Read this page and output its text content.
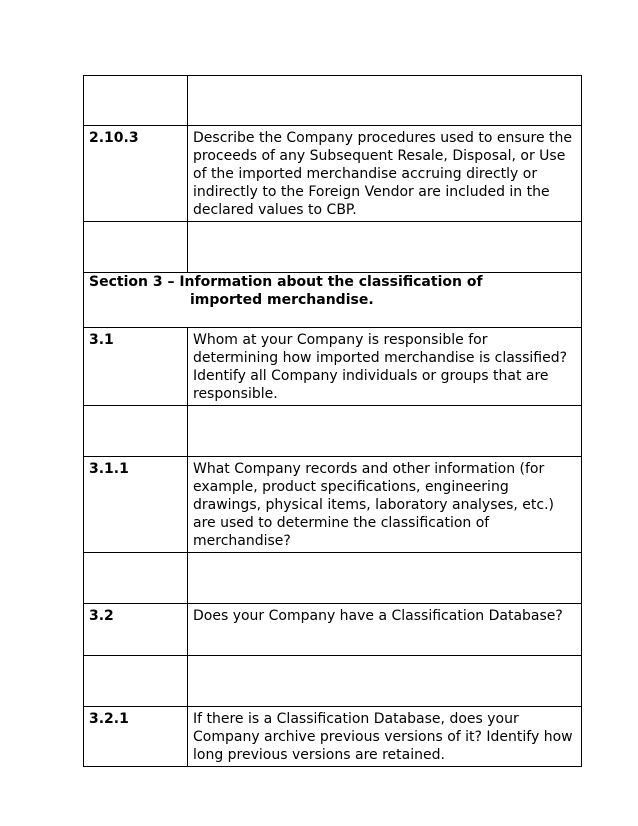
2.10.3	Describe the Company procedures used to ensure the proceeds of any Subsequent Resale, Disposal, or Use of the imported merchandise accruing directly or indirectly to the Foreign Vendor are included in the declared values to CBP.

Section 3 – Information about the classification of
imported merchandise.	

3.1	Whom at your Company is responsible for determining how imported merchandise is classified? Identify all Company individuals or groups that are responsible.

3.1.1	What Company records and other information (for example, product specifications, engineering drawings, physical items, laboratory analyses, etc.) are used to determine the classification of merchandise?

3.2	Does your Company have a Classification Database?

3.2.1	If there is a Classification Database, does your Company archive previous versions of it? Identify how long previous versions are retained.
